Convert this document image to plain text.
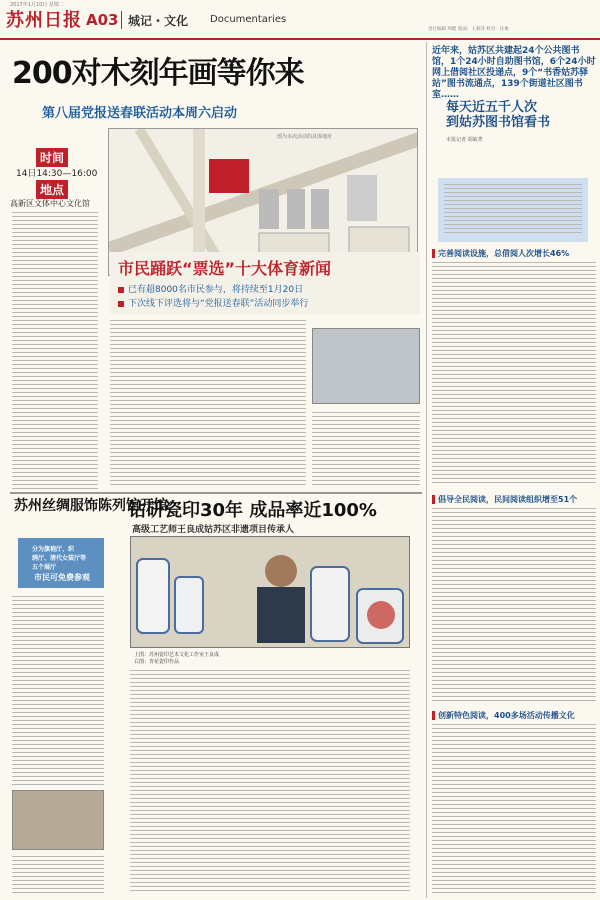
2017年1月10日 星期二
苏州日报 A03 城记・文化 Documentaries
责任编辑 周健 版面：王莉萍 校对：汪俊
200对木刻年画等你来
第八届党报送春联活动本周六启动
时间
14日14:30—16:00
地点
高新区文体中心文化馆
图为本次活动的具体地址
市民踊跃“票选”十大体育新闻
已有超8000名市民参与，将持续至1月20日
下次线下评选将与“党报送春联”活动同步举行
苏州丝绸服饰陈列馆开馆
分为旗袍厅、织
绣厅、清代女装厅等
五个展厅
市民可免费参观
钻研瓷印30年 成品率近100%
高级工艺师王良成姑苏区非遗项目传承人
上图：苏州瓷印艺术文化工作室王良成
右图：青花瓷印作品
近年来，姑苏区共建起24个公共图书馆，1个24小时自助图书馆，6个24小时网上借阅社区投递点，9个“书香姑苏驿站”图书流通点，139个街道社区图书室……
每天近五千人次
到姑苏图书馆看书
本报记者 胡敏菁
完善阅读设施，总借阅人次增长46%
倡导全民阅读，民间阅读组织增至51个
创新特色阅读，400多场活动传播文化
